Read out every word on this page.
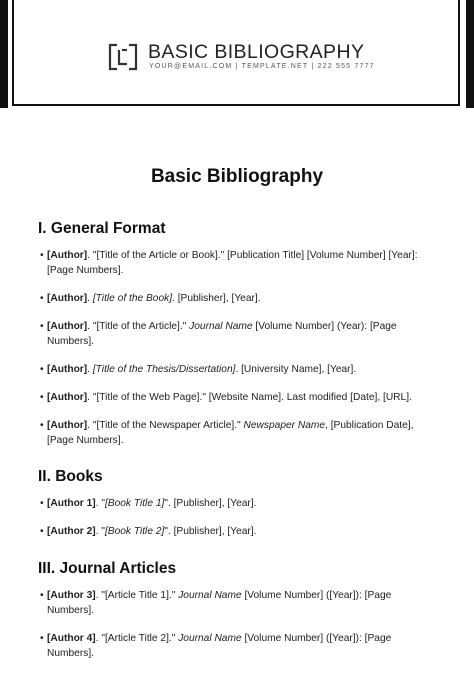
BASIC BIBLIOGRAPHY
YOUR@EMAIL.COM | TEMPLATE.NET | 222 555 7777
Basic Bibliography
I. General Format
• [Author]. "[Title of the Article or Book]." [Publication Title] [Volume Number] [Year]: [Page Numbers].
• [Author]. [Title of the Book]. [Publisher], [Year].
• [Author]. "[Title of the Article]." Journal Name [Volume Number] (Year): [Page Numbers].
• [Author]. [Title of the Thesis/Dissertation]. [University Name], [Year].
• [Author]. "[Title of the Web Page]." [Website Name]. Last modified [Date], [URL].
• [Author]. "[Title of the Newspaper Article]." Newspaper Name, [Publication Date], [Page Numbers].
II. Books
• [Author 1]. "[Book Title 1]". [Publisher], [Year].
• [Author 2]. "[Book Title 2]". [Publisher], [Year].
III. Journal Articles
• [Author 3]. "[Article Title 1]." Journal Name [Volume Number] ([Year]): [Page Numbers].
• [Author 4]. "[Article Title 2]." Journal Name [Volume Number] ([Year]): [Page Numbers].
